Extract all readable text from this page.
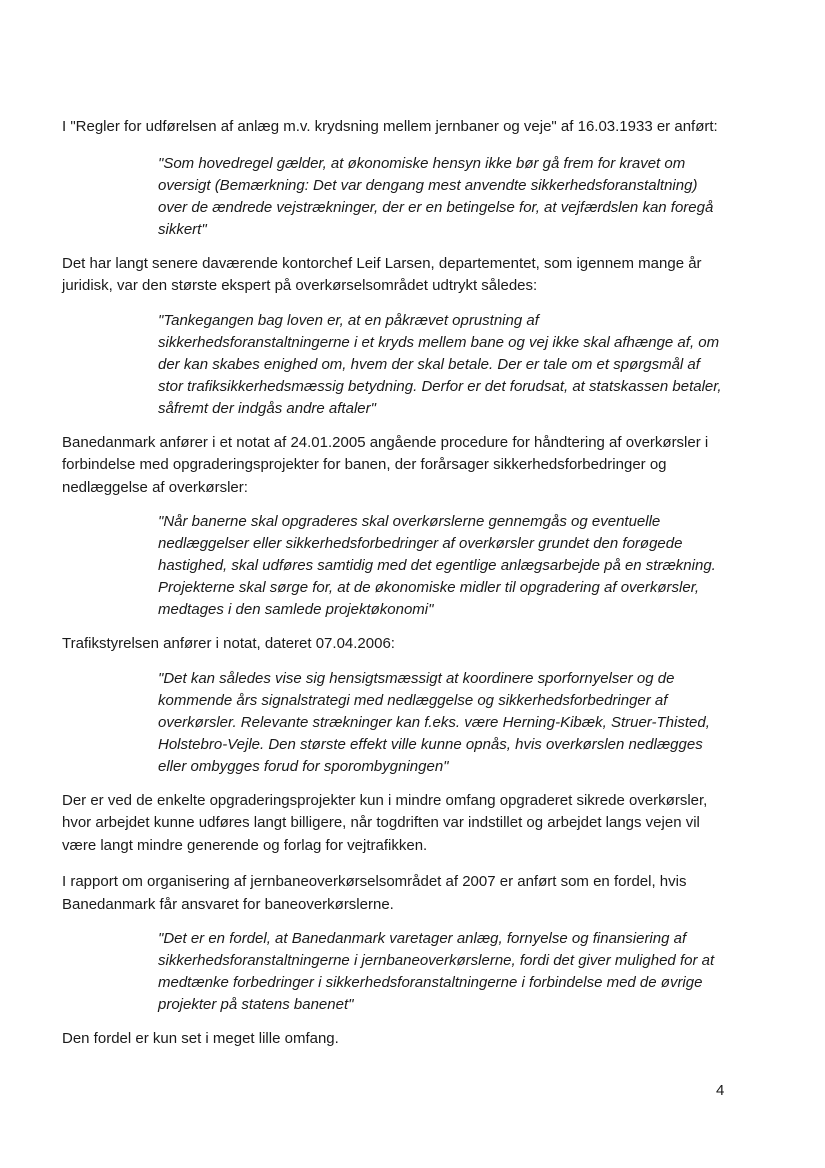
I "Regler for udførelsen af anlæg m.v. krydsning mellem jernbaner og veje" af 16.03.1933 er anført:

"Som hovedregel gælder, at økonomiske hensyn ikke bør gå frem for kravet om oversigt (Bemærkning: Det var dengang mest anvendte sikkerhedsforanstaltning) over de ændrede vejstrækninger, der er en betingelse for, at vejfærdslen kan foregå sikkert"

Det har langt senere daværende kontorchef Leif Larsen, departementet, som igennem mange år juridisk, var den største ekspert på overkørselsområdet udtrykt således:

"Tankegangen bag loven er, at en påkrævet oprustning af sikkerhedsforanstaltningerne i et kryds mellem bane og vej ikke skal afhænge af, om der kan skabes enighed om, hvem der skal betale. Der er tale om et spørgsmål af stor trafiksikkerhedsmæssig betydning. Derfor er det forudsat, at statskassen betaler, såfremt der indgås andre aftaler"

Banedanmark anfører i et notat af 24.01.2005 angående procedure for håndtering af overkørsler i forbindelse med opgraderingsprojekter for banen, der forårsager sikkerhedsforbedringer og nedlæggelse af overkørsler:

"Når banerne skal opgraderes skal overkørslerne gennemgås og eventuelle nedlæggelser eller sikkerhedsforbedringer af overkørsler grundet den forøgede hastighed, skal udføres samtidig med det egentlige anlægsarbejde på en strækning. Projekterne skal sørge for, at de økonomiske midler til opgradering af overkørsler, medtages i den samlede projektøkonomi"

Trafikstyrelsen anfører i notat, dateret 07.04.2006:

"Det kan således vise sig hensigtsmæssigt at koordinere sporfornyelser og de kommende års signalstrategi med nedlæggelse og sikkerhedsforbedringer af overkørsler. Relevante strækninger kan f.eks. være Herning-Kibæk, Struer-Thisted, Holstebro-Vejle. Den største effekt ville kunne opnås, hvis overkørslen nedlægges eller ombygges forud for sporombygningen"

Der er ved de enkelte opgraderingsprojekter kun i mindre omfang opgraderet sikrede overkørsler, hvor arbejdet kunne udføres langt billigere, når togdriften var indstillet og arbejdet langs vejen vil være langt mindre generende og forlag for vejtrafikken.

I rapport om organisering af jernbaneoverkørselsområdet af 2007 er anført som en fordel, hvis Banedanmark får ansvaret for baneoverkørslerne.

"Det er en fordel, at Banedanmark varetager anlæg, fornyelse og finansiering af sikkerhedsforanstaltningerne i jernbaneoverkørslerne, fordi det giver mulighed for at medtænke forbedringer i sikkerhedsforanstaltningerne i forbindelse med de øvrige projekter på statens banenet"

Den fordel er kun set i meget lille omfang.

4
